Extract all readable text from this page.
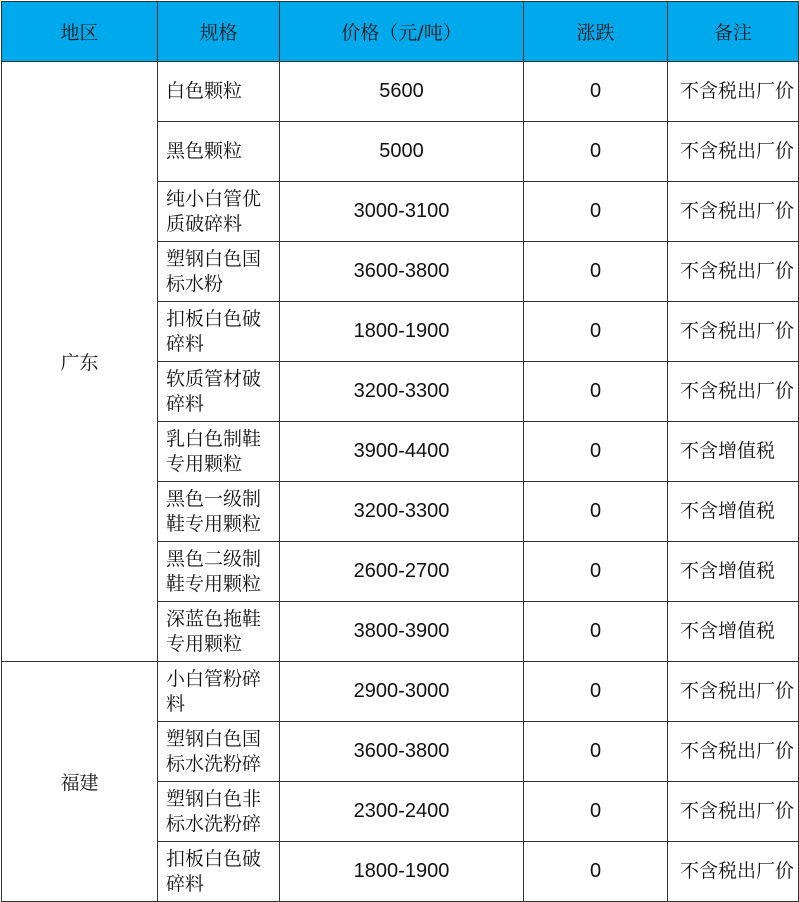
地区	规格	价格（元/吨）	涨跌	备注
广东	白色颗粒	5600	0	不含税出厂价

	黑色颗粒	5000	0	不含税出厂价

	纯小白管优质破碎料	3000-3100	0	不含税出厂价

	塑钢白色国标水粉	3600-3800	0	不含税出厂价

	扣板白色破碎料	1800-1900	0	不含税出厂价

	软质管材破碎料	3200-3300	0	不含税出厂价

	乳白色制鞋专用颗粒	3900-4400	0	不含增值税

	黑色一级制鞋专用颗粒	3200-3300	0	不含增值税

	黑色二级制鞋专用颗粒	2600-2700	0	不含增值税

	深蓝色拖鞋专用颗粒	3800-3900	0	不含增值税
福建	小白管粉碎料	2900-3000	0	不含税出厂价

	塑钢白色国标水洗粉碎	3600-3800	0	不含税出厂价

	塑钢白色非标水洗粉碎	2300-2400	0	不含税出厂价

	扣板白色破碎料	1800-1900	0	不含税出厂价
